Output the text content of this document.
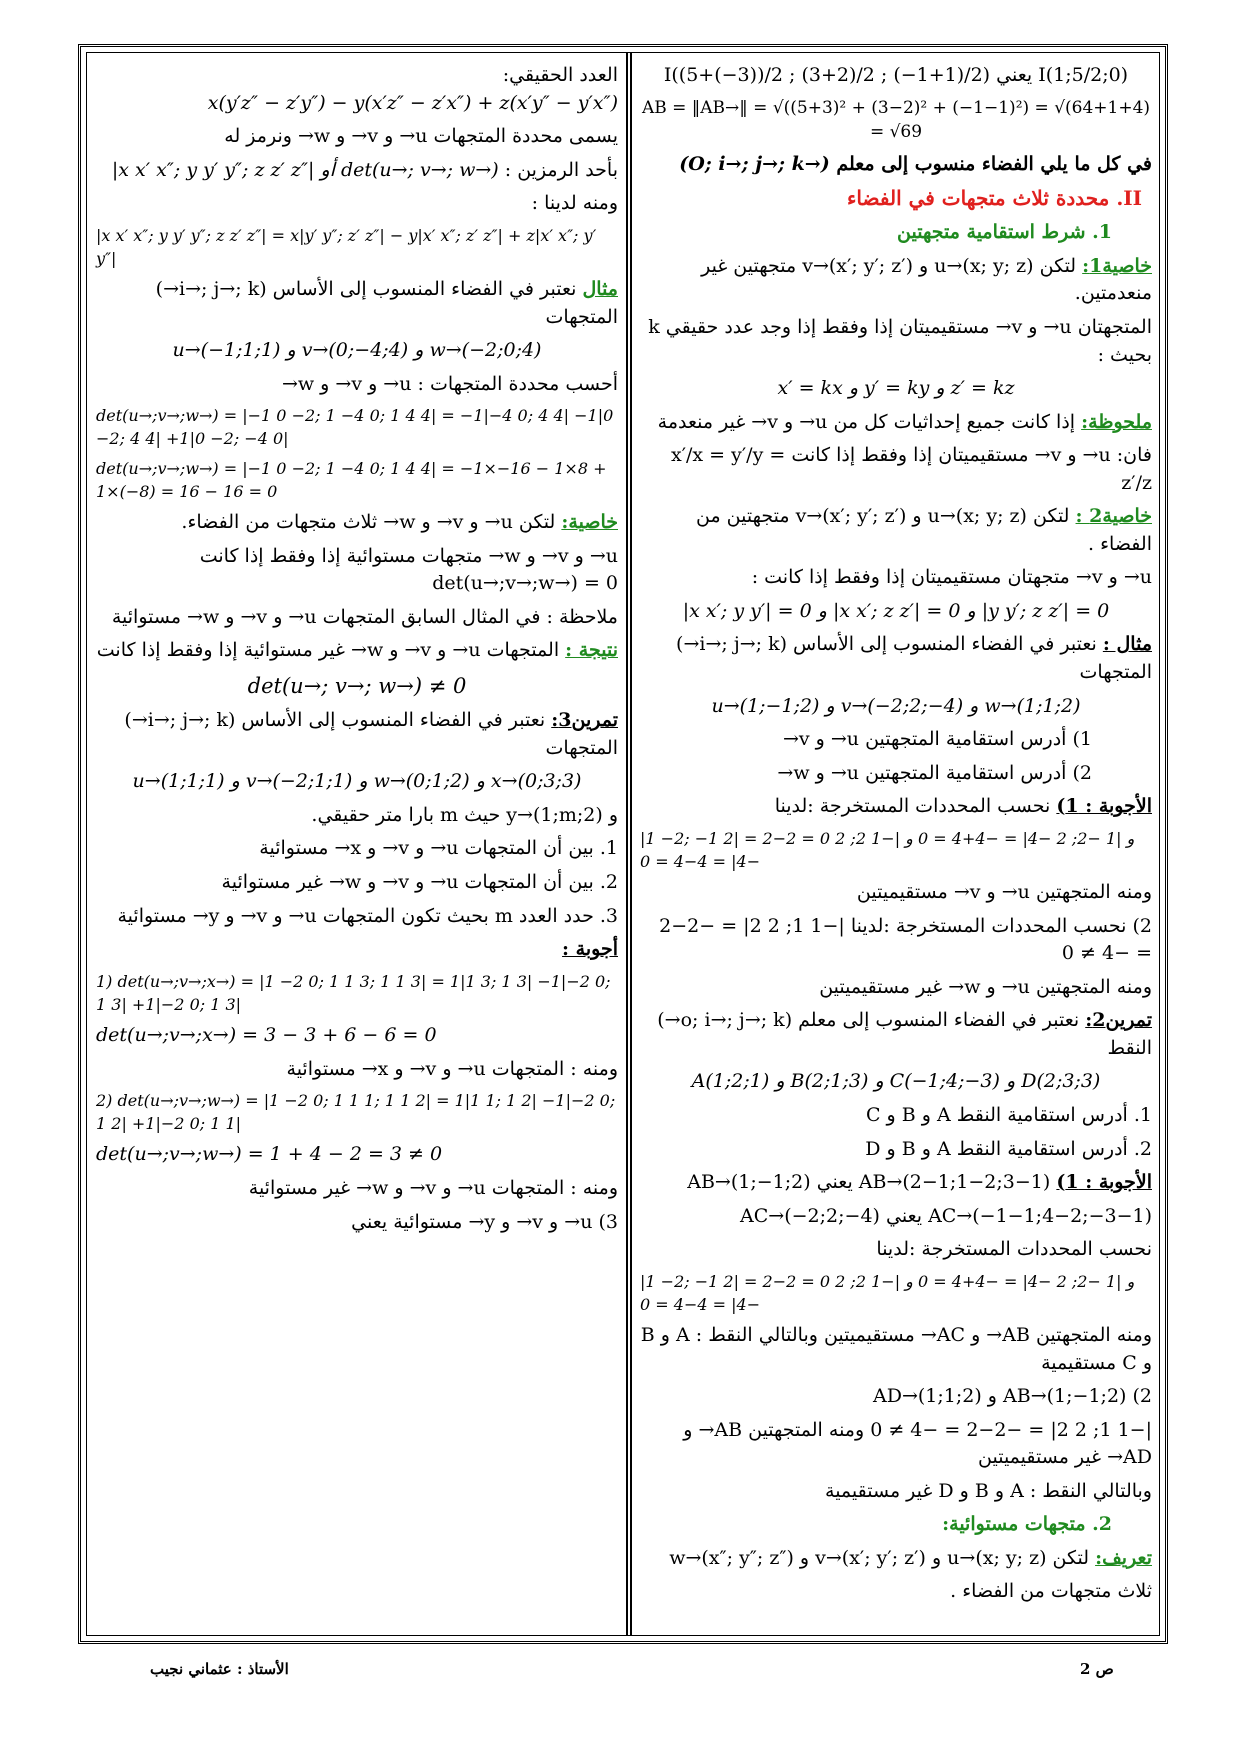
I(1;5/2;0) يعني I((5+(−3))/2 ; (3+2)/2 ; (−1+1)/2)
AB = ‖AB→‖ = √((5+3)² + (3−2)² + (−1−1)²) = √(64+1+4) = √69
في كل ما يلي الفضاء منسوب إلى معلم (O; i→; j→; k→)
II. محددة ثلاث متجهات في الفضاء
1. شرط استقامية متجهتين
خاصية1: لتكن u→(x; y; z) و v→(x′; y′; z′) متجهتين غير منعدمتين.
المتجهتان u→ و v→ مستقيميتان إذا وفقط إذا وجد عدد حقيقي k بحيث :
x′ = kx و y′ = ky و z′ = kz
ملحوظة: إذا كانت جميع إحداثيات كل من u→ و v→ غير منعدمة
فان: u→ و v→ مستقيميتان إذا وفقط إذا كانت x′/x = y′/y = z′/z
خاصية2 : لتكن u→(x; y; z) و v→(x′; y′; z′) متجهتين من الفضاء .
u→ و v→ متجهتان مستقيميتان إذا وفقط إذا كانت :
|x x′; y y′| = 0 و |x x′; z z′| = 0 و |y y′; z z′| = 0
مثال : نعتبر في الفضاء المنسوب إلى الأساس (i→; j→; k→) المتجهات
u→(1;−1;2) و v→(−2;2;−4) و w→(1;1;2)
1) أدرس استقامية المتجهتين u→ و v→
2) أدرس استقامية المتجهتين u→ و w→
الأجوبة : 1) نحسب المحددات المستخرجة :لدينا
|1 −2; −1 2| = 2−2 = 0 و |1 −2; 2 −4| = −4+4 = 0 و |−1 2; 2 −4| = 4−4 = 0
ومنه المتجهتين u→ و v→ مستقيميتين
2) نحسب المحددات المستخرجة :لدينا |−1 1; 2 2| = −2−2 = −4 ≠ 0
ومنه المتجهتين u→ و w→ غير مستقيميتين
تمرين2: نعتبر في الفضاء المنسوب إلى معلم (o; i→; j→; k→) النقط
A(1;2;1) و B(2;1;3) و C(−1;4;−3) و D(2;3;3)
1. أدرس استقامية النقط A و B و C
2. أدرس استقامية النقط A و B و D
الأجوبة : 1) AB→(2−1;1−2;3−1) يعني AB→(1;−1;2)
AC→(−1−1;4−2;−3−1) يعني AC→(−2;2;−4)
نحسب المحددات المستخرجة :لدينا
|1 −2; −1 2| = 2−2 = 0 و |1 −2; 2 −4| = −4+4 = 0 و |−1 2; 2 −4| = 4−4 = 0
ومنه المتجهتين AB→ و AC→ مستقيميتين وبالتالي النقط : A و B و C مستقيمية
2) AB→(1;−1;2) و AD→(1;1;2)
|−1 1; 2 2| = −2−2 = −4 ≠ 0 ومنه المتجهتين AB→ و AD→ غير مستقيميتين
وبالتالي النقط : A و B و D غير مستقيمية
2. متجهات مستوائية:
تعريف: لتكن u→(x; y; z) و v→(x′; y′; z′) و w→(x″; y″; z″)
ثلاث متجهات من الفضاء .
العدد الحقيقي: x(y′z″ − z′y″) − y(x′z″ − z′x″) + z(x′y″ − y′x″)
يسمى محددة المتجهات u→ و v→ و w→ ونرمز له
بأحد الرمزين : |x x′ x″; y y′ y″; z z′ z″| أو det(u→; v→; w→)
ومنه لدينا :
|x x′ x″; y y′ y″; z z′ z″| = x|y′ y″; z′ z″| − y|x′ x″; z′ z″| + z|x′ x″; y′ y″|
مثال نعتبر في الفضاء المنسوب إلى الأساس (i→; j→; k→) المتجهات
u→(−1;1;1) و v→(0;−4;4) و w→(−2;0;4)
أحسب محددة المتجهات : u→ و v→ و w→
det(u→;v→;w→) = |−1 0 −2; 1 −4 0; 1 4 4| = −1|−4 0; 4 4| −1|0 −2; 4 4| +1|0 −2; −4 0|
det(u→;v→;w→) = |−1 0 −2; 1 −4 0; 1 4 4| = −1×−16 − 1×8 + 1×(−8) = 16 − 16 = 0
خاصية: لتكن u→ و v→ و w→ ثلاث متجهات من الفضاء.
u→ و v→ و w→ متجهات مستوائية إذا وفقط إذا كانت det(u→;v→;w→) = 0
ملاحظة : في المثال السابق المتجهات u→ و v→ و w→ مستوائية
نتيجة : المتجهات u→ و v→ و w→ غير مستوائية إذا وفقط إذا كانت
det(u→; v→; w→) ≠ 0
تمرين3: نعتبر في الفضاء المنسوب إلى الأساس (i→; j→; k→) المتجهات
u→(1;1;1) و v→(−2;1;1) و w→(0;1;2) و x→(0;3;3)
و y→(1;m;2) حيث m بارا متر حقيقي.
1. بين أن المتجهات u→ و v→ و x→ مستوائية
2. بين أن المتجهات u→ و v→ و w→ غير مستوائية
3. حدد العدد m بحيث تكون المتجهات u→ و v→ و y→ مستوائية
أجوبة :
1) det(u→;v→;x→) = |1 −2 0; 1 1 3; 1 1 3| = 1|1 3; 1 3| −1|−2 0; 1 3| +1|−2 0; 1 3|
det(u→;v→;x→) = 3 − 3 + 6 − 6 = 0
ومنه : المتجهات u→ و v→ و x→ مستوائية
2) det(u→;v→;w→) = |1 −2 0; 1 1 1; 1 1 2| = 1|1 1; 1 2| −1|−2 0; 1 2| +1|−2 0; 1 1|
det(u→;v→;w→) = 1 + 4 − 2 = 3 ≠ 0
ومنه : المتجهات u→ و v→ و w→ غير مستوائية
3) u→ و v→ و y→ مستوائية يعني
ص 2
الأستاذ : عثماني نجيب
